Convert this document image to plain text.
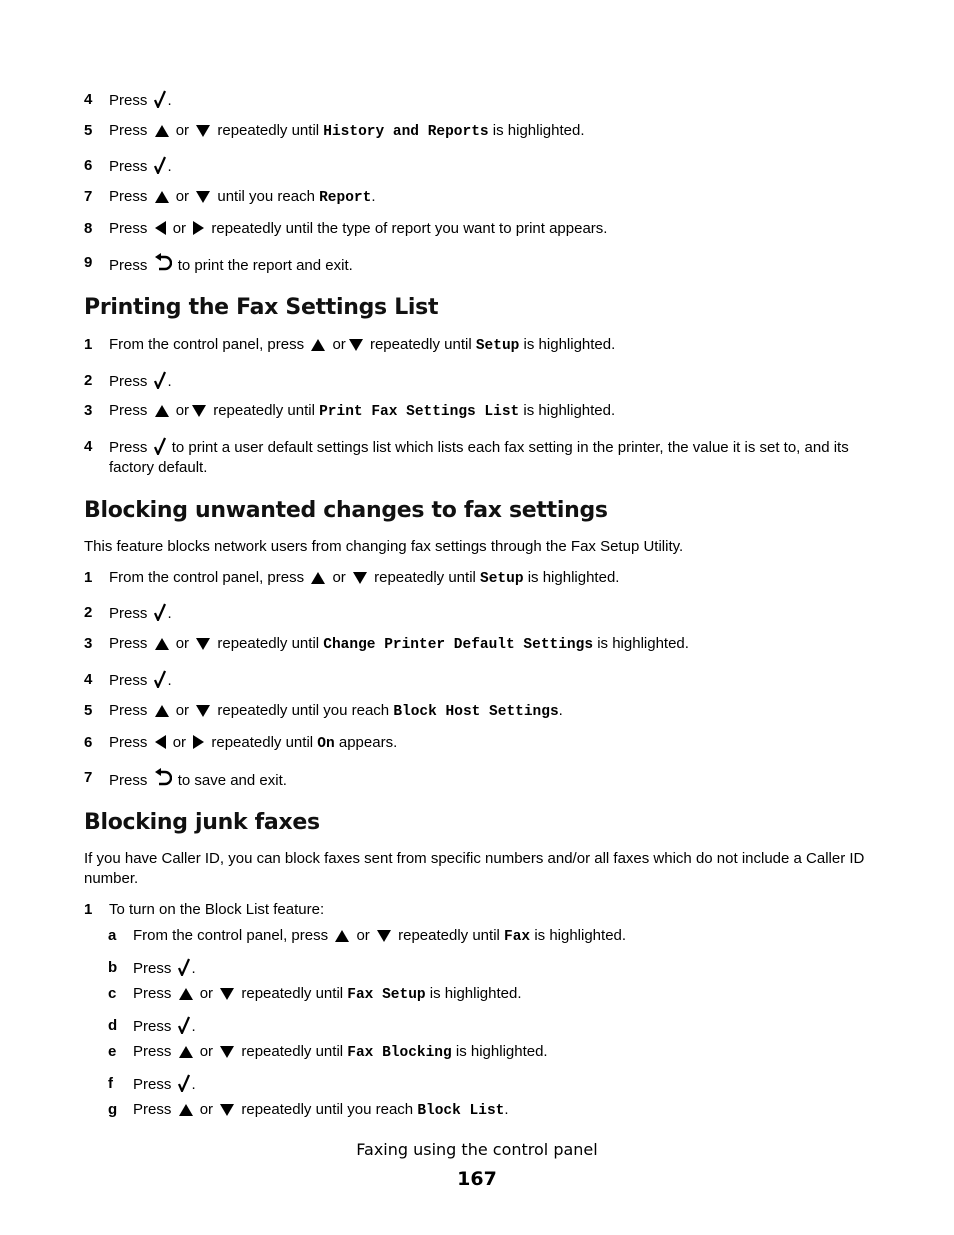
4	Press .
5	Press or repeatedly until History and Reports is highlighted.
6	Press .
7	Press or until you reach Report.
8	Press or repeatedly until the type of report you want to print appears.
9	Press to print the report and exit.
Printing the Fax Settings List
1	From the control panel, press or repeatedly until Setup is highlighted.
2	Press .
3	Press or repeatedly until Print Fax Settings List is highlighted.
4	Press to print a user default settings list which lists each fax setting in the printer, the value it is set to, and its factory default.
Blocking unwanted changes to fax settings
This feature blocks network users from changing fax settings through the Fax Setup Utility.
1	From the control panel, press or repeatedly until Setup is highlighted.
2	Press .
3	Press or repeatedly until Change Printer Default Settings is highlighted.
4	Press .
5	Press or repeatedly until you reach Block Host Settings.
6	Press or repeatedly until On appears.
7	Press to save and exit.
Blocking junk faxes
If you have Caller ID, you can block faxes sent from specific numbers and/or all faxes which do not include a Caller ID number.
1	To turn on the Block List feature:
a	From the control panel, press or repeatedly until Fax is highlighted.
b	Press .
c	Press or repeatedly until Fax Setup is highlighted.
d	Press .
e	Press or repeatedly until Fax Blocking is highlighted.
f	Press .
g	Press or repeatedly until you reach Block List.
Faxing using the control panel
167
